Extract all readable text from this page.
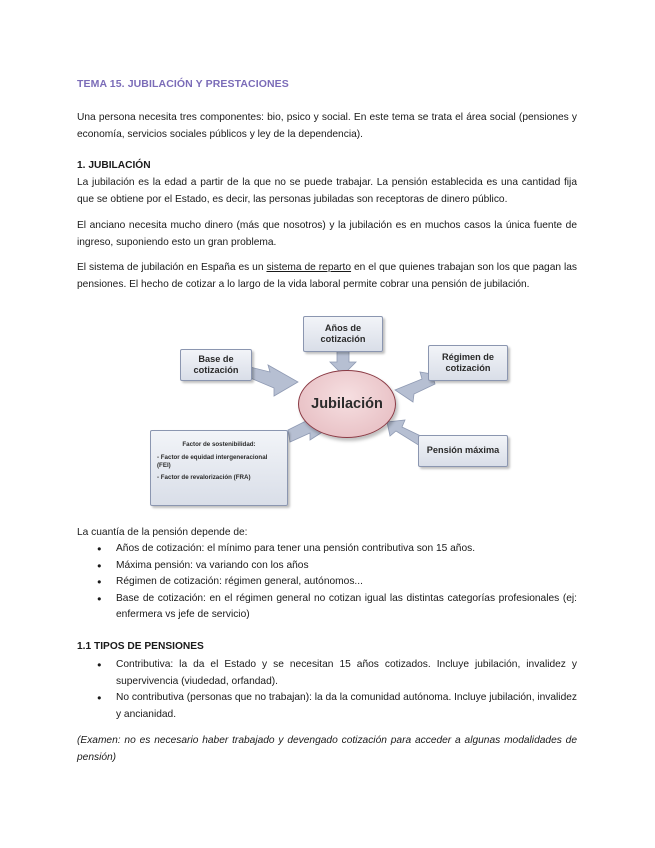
TEMA 15. JUBILACIÓN Y PRESTACIONES

Una persona necesita tres componentes: bio, psico y social. En este tema se trata el área social (pensiones y economía, servicios sociales públicos y ley de la dependencia).

1. JUBILACIÓN

La jubilación es la edad a partir de la que no se puede trabajar. La pensión establecida es una cantidad fija que se obtiene por el Estado, es decir, las personas jubiladas son receptoras de dinero público.

El anciano necesita mucho dinero (más que nosotros) y la jubilación es en muchos casos la única fuente de ingreso, suponiendo esto un gran problema.

El sistema de jubilación en España es un sistema de reparto en el que quienes trabajan son los que pagan las pensiones. El hecho de cotizar a lo largo de la vida laboral permite cobrar una pensión de jubilación.

Años de cotización
Base de cotización
Régimen de cotización
Jubilación
Factor de sostenibilidad:
- Factor de equidad intergeneracional (FEI)
- Factor de revalorización (FRA)
Pensión máxima

La cuantía de la pensión depende de:

● Años de cotización: el mínimo para tener una pensión contributiva son 15 años.
● Máxima pensión: va variando con los años
● Régimen de cotización: régimen general, autónomos...
● Base de cotización: en el régimen general no cotizan igual las distintas categorías profesionales (ej: enfermera vs jefe de servicio)

1.1 TIPOS DE PENSIONES

● Contributiva: la da el Estado y se necesitan 15 años cotizados. Incluye jubilación, invalidez y supervivencia (viudedad, orfandad).
● No contributiva (personas que no trabajan): la da la comunidad autónoma. Incluye jubilación, invalidez y ancianidad.

(Examen: no es necesario haber trabajado y devengado cotización para acceder a algunas modalidades de pensión)
